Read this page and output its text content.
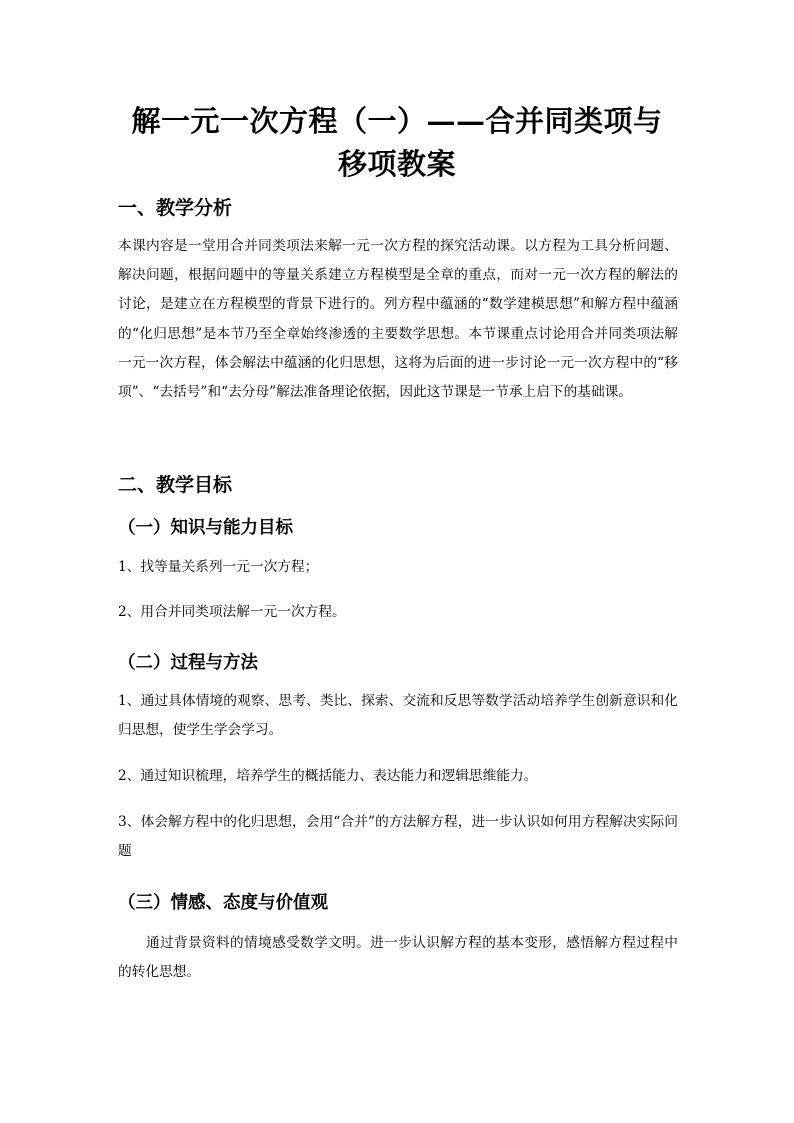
解一元一次方程（一）——合并同类项与
移项教案
一、教学分析

本课内容是一堂用合并同类项法来解一元一次方程的探究活动课。以方程为工具分析问题、解决问题，根据问题中的等量关系建立方程模型是全章的重点，而对一元一次方程的解法的讨论，是建立在方程模型的背景下进行的。列方程中蕴涵的“数学建模思想”和解方程中蕴涵的“化归思想”是本节乃至全章始终渗透的主要数学思想。本节课重点讨论用合并同类项法解一元一次方程，体会解法中蕴涵的化归思想，这将为后面的进一步讨论一元一次方程中的“移项”、“去括号”和“去分母”解法准备理论依据，因此这节课是一节承上启下的基础课。

二、教学目标
（一）知识与能力目标

1、找等量关系列一元一次方程；

2、用合并同类项法解一元一次方程。

（二）过程与方法

1、通过具体情境的观察、思考、类比、探索、交流和反思等数学活动培养学生创新意识和化归思想，使学生学会学习。

2、通过知识梳理，培养学生的概括能力、表达能力和逻辑思维能力。

3、体会解方程中的化归思想，会用“合并”的方法解方程，进一步认识如何用方程解决实际问题

（三）情感、态度与价值观

通过背景资料的情境感受数学文明。进一步认识解方程的基本变形，感悟解方程过程中的转化思想。
